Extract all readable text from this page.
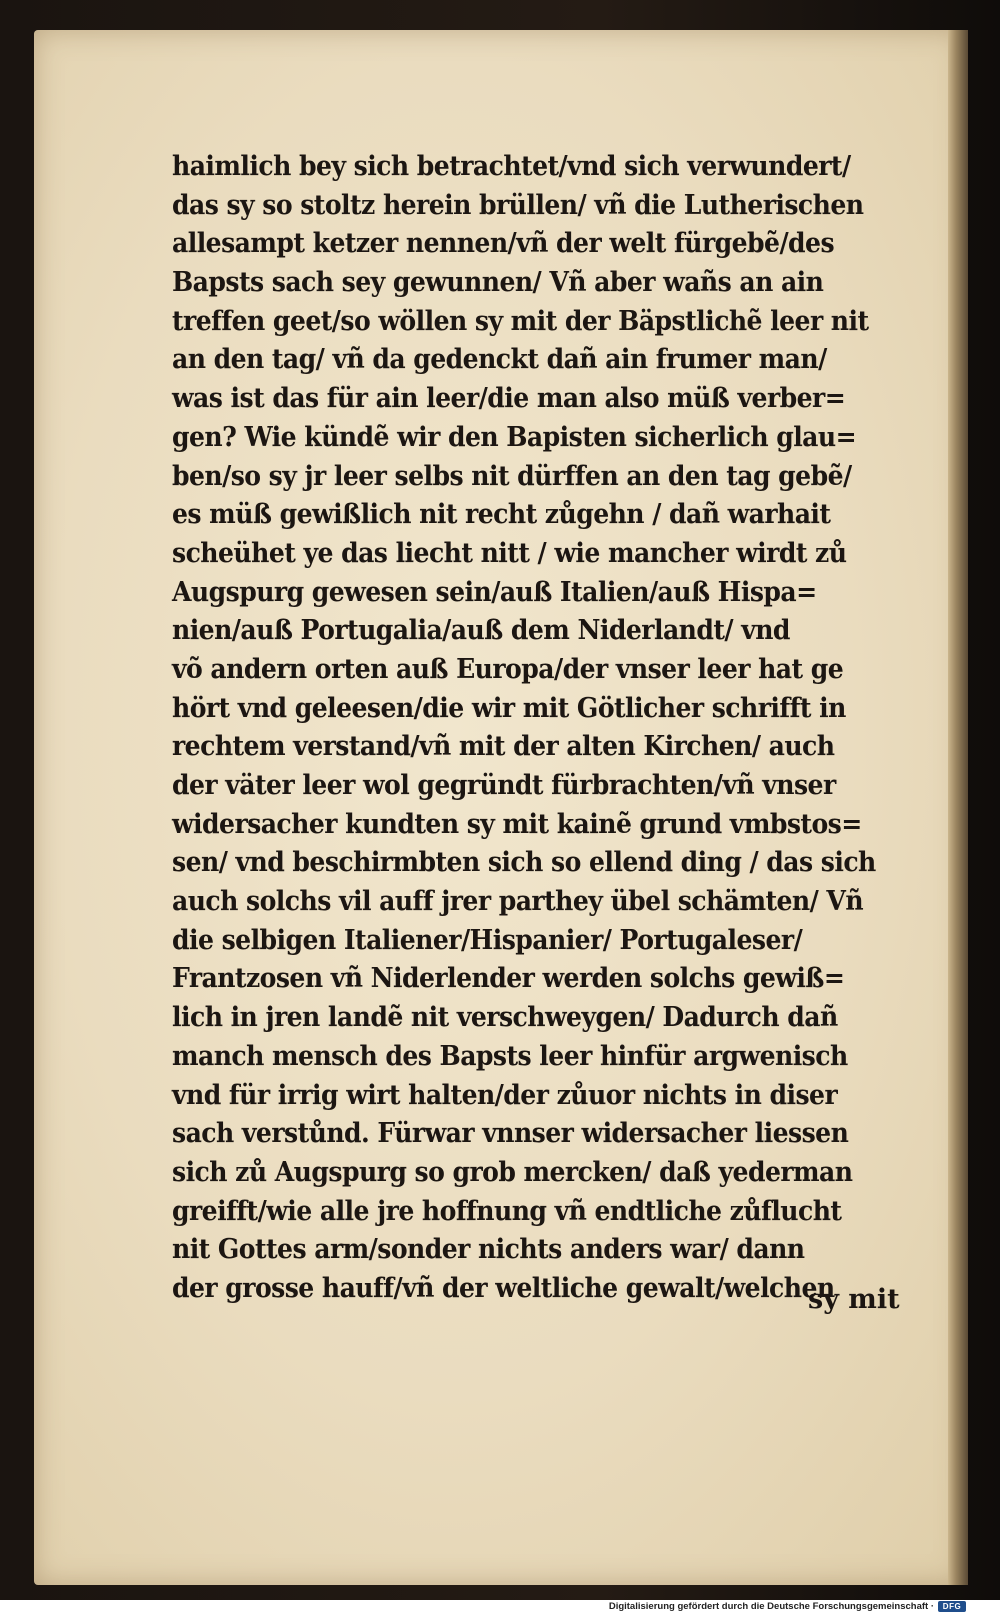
haimlich bey sich betrachtet/vnd sich verwundert/
das sy so stoltz herein brüllen/ vñ die Lutherischen
allesampt ketzer nennen/vñ der welt fürgebẽ/des
Bapsts sach sey gewunnen/ Vñ aber wañs an ain
treffen geet/so wöllen sy mit der Bäpstlichẽ leer nit
an den tag/ vñ da gedenckt dañ ain frumer man/
was ist das für ain leer/die man also müß verber=
gen? Wie kündẽ wir den Bapisten sicherlich glau=
ben/so sy jr leer selbs nit dürffen an den tag gebẽ/
es müß gewißlich nit recht zůgehn / dañ warhait
scheühet ye das liecht nitt / wie mancher wirdt zů
Augspurg gewesen sein/auß Italien/auß Hispa=
nien/auß Portugalia/auß dem Niderlandt/ vnd
võ andern orten auß Europa/der vnser leer hat ge
hört vnd geleesen/die wir mit Götlicher schrifft in
rechtem verstand/vñ mit der alten Kirchen/ auch
der väter leer wol gegründt fürbrachten/vñ vnser
widersacher kundten sy mit kainẽ grund vmbstos=
sen/ vnd beschirmbten sich so ellend ding / das sich
auch solchs vil auff jrer parthey übel schämten/ Vñ
die selbigen Italiener/Hispanier/ Portugaleser/
Frantzosen vñ Niderlender werden solchs gewiß=
lich in jren landẽ nit verschweygen/ Dadurch dañ
manch mensch des Bapsts leer hinfür argwenisch
vnd für irrig wirt halten/der zůuor nichts in diser
sach verstůnd. Fürwar vnnser widersacher liessen
sich zů Augspurg so grob mercken/ daß yederman
greifft/wie alle jre hoffnung vñ endtliche zůflucht
nit Gottes arm/sonder nichts anders war/ dann
der grosse hauff/vñ der weltliche gewalt/welchen
sy mit
Digitalisierung gefördert durch die Deutsche Forschungsgemeinschaft ·	DFG
